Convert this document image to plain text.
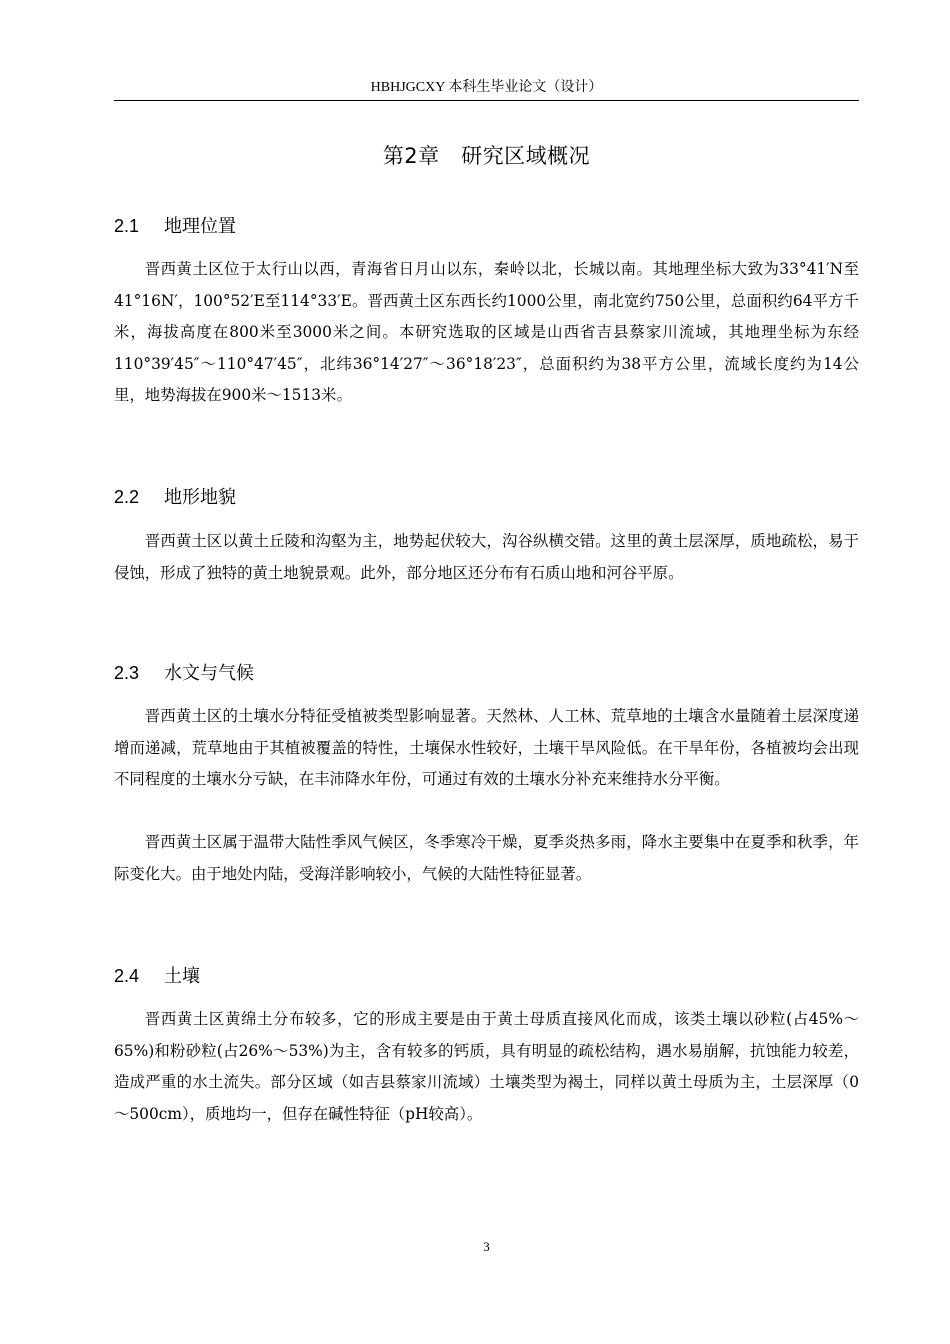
HBHJGCXY 本科生毕业论文（设计）
第2章　研究区域概况
2.1 地理位置

晋西黄土区位于太行山以西，青海省日月山以东，秦岭以北，长城以南。其地理坐标大致为33°41′N至41°16N′，100°52′E至114°33′E。晋西黄土区东西长约1000公里，南北宽约750公里，总面积约64平方千米，海拔高度在800米至3000米之间。本研究选取的区域是山西省吉县蔡家川流域，其地理坐标为东经110°39′45″～110°47′45″，北纬36°14′27″～36°18′23″，总面积约为38平方公里，流域长度约为14公里，地势海拔在900米～1513米。

2.2 地形地貌

晋西黄土区以黄土丘陵和沟壑为主，地势起伏较大，沟谷纵横交错。这里的黄土层深厚，质地疏松，易于侵蚀，形成了独特的黄土地貌景观。此外，部分地区还分布有石质山地和河谷平原。

2.3 水文与气候

晋西黄土区的土壤水分特征受植被类型影响显著。天然林、人工林、荒草地的土壤含水量随着土层深度递增而递减，荒草地由于其植被覆盖的特性，土壤保水性较好，土壤干旱风险低。在干旱年份，各植被均会出现不同程度的土壤水分亏缺，在丰沛降水年份，可通过有效的土壤水分补充来维持水分平衡。

晋西黄土区属于温带大陆性季风气候区，冬季寒冷干燥，夏季炎热多雨，降水主要集中在夏季和秋季，年际变化大。由于地处内陆，受海洋影响较小，气候的大陆性特征显著。

2.4 土壤

晋西黄土区黄绵土分布较多，它的形成主要是由于黄土母质直接风化而成，该类土壤以砂粒(占45%～65%)和粉砂粒(占26%～53%)为主，含有较多的钙质，具有明显的疏松结构，遇水易崩解，抗蚀能力较差，造成严重的水土流失。部分区域（如吉县蔡家川流域）土壤类型为褐土，同样以黄土母质为主，土层深厚（0～500cm），质地均一，但存在碱性特征（pH较高）。

3
